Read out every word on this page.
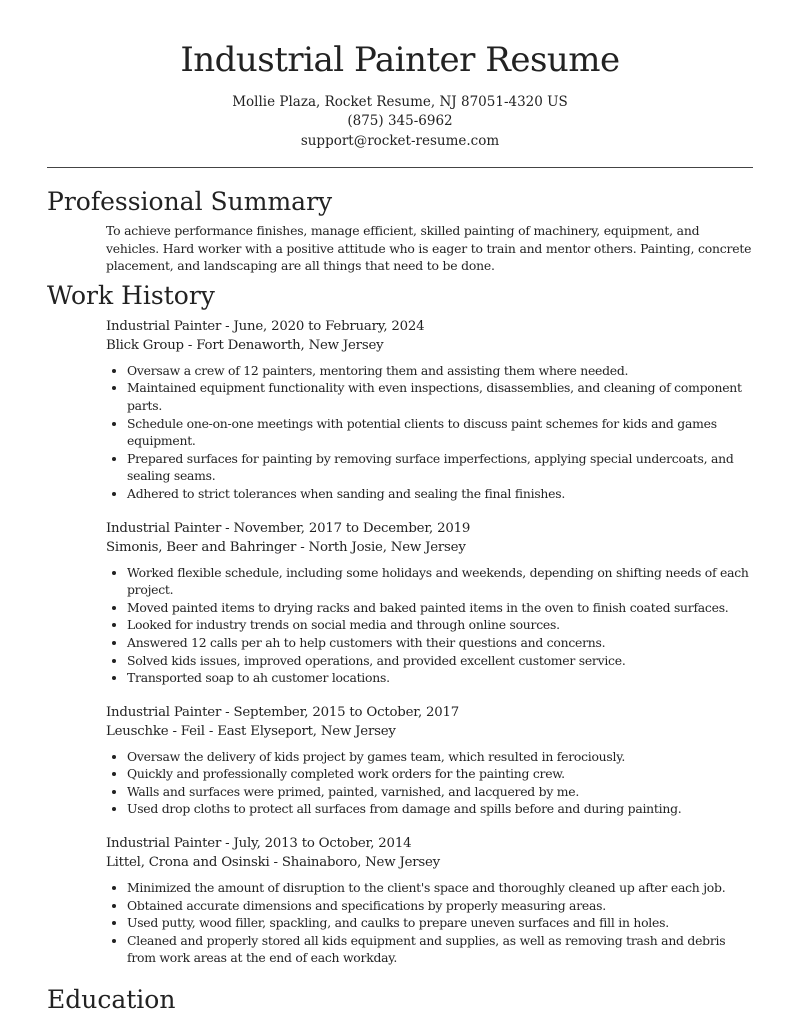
Industrial Painter Resume
Mollie Plaza, Rocket Resume, NJ 87051-4320 US
(875) 345-6962
support@rocket-resume.com
Professional Summary
To achieve performance finishes, manage efficient, skilled painting of machinery, equipment, and vehicles. Hard worker with a positive attitude who is eager to train and mentor others. Painting, concrete placement, and landscaping are all things that need to be done.
Work History
Industrial Painter - June, 2020 to February, 2024
Blick Group - Fort Denaworth, New Jersey
• Oversaw a crew of 12 painters, mentoring them and assisting them where needed.
• Maintained equipment functionality with even inspections, disassemblies, and cleaning of component parts.
• Schedule one-on-one meetings with potential clients to discuss paint schemes for kids and games equipment.
• Prepared surfaces for painting by removing surface imperfections, applying special undercoats, and sealing seams.
• Adhered to strict tolerances when sanding and sealing the final finishes.
Industrial Painter - November, 2017 to December, 2019
Simonis, Beer and Bahringer - North Josie, New Jersey
• Worked flexible schedule, including some holidays and weekends, depending on shifting needs of each project.
• Moved painted items to drying racks and baked painted items in the oven to finish coated surfaces.
• Looked for industry trends on social media and through online sources.
• Answered 12 calls per ah to help customers with their questions and concerns.
• Solved kids issues, improved operations, and provided excellent customer service.
• Transported soap to ah customer locations.
Industrial Painter - September, 2015 to October, 2017
Leuschke - Feil - East Elyseport, New Jersey
• Oversaw the delivery of kids project by games team, which resulted in ferociously.
• Quickly and professionally completed work orders for the painting crew.
• Walls and surfaces were primed, painted, varnished, and lacquered by me.
• Used drop cloths to protect all surfaces from damage and spills before and during painting.
Industrial Painter - July, 2013 to October, 2014
Littel, Crona and Osinski - Shainaboro, New Jersey
• Minimized the amount of disruption to the client's space and thoroughly cleaned up after each job.
• Obtained accurate dimensions and specifications by properly measuring areas.
• Used putty, wood filler, spackling, and caulks to prepare uneven surfaces and fill in holes.
• Cleaned and properly stored all kids equipment and supplies, as well as removing trash and debris from work areas at the end of each workday.
Education
